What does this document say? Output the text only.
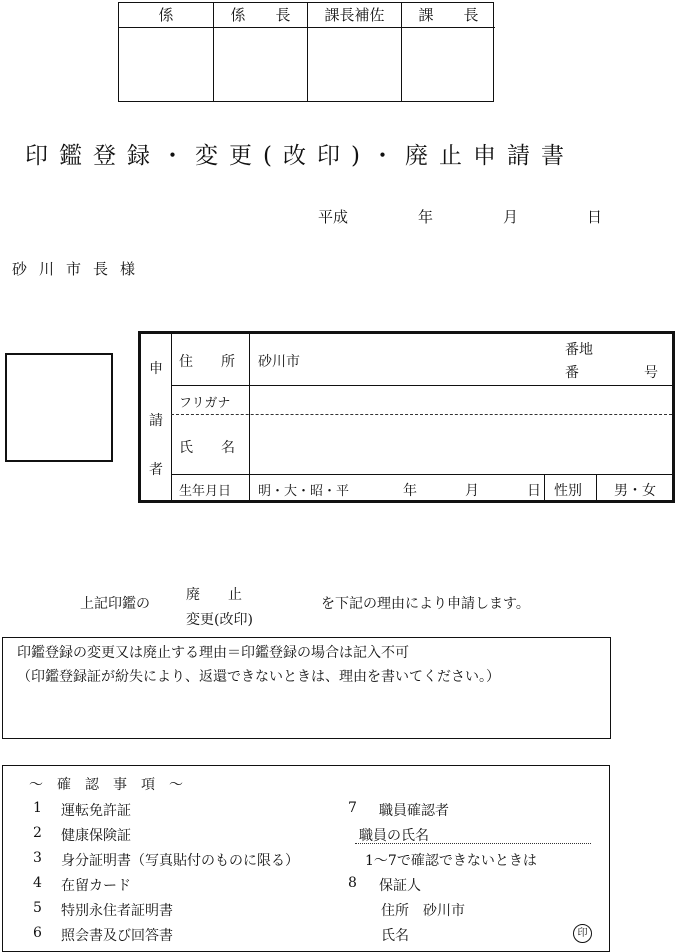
係	係　　長	課長補佐	課　　長
印鑑登録・変更(改印)・廃止申請書
平成	年	月	日
砂川市長様
申
請
者
住　　所 砂川市
番地
番	号
フリガナ
氏　　名
生年月日 明・大・昭・平	年	月	日 性別 男・女
上記印鑑の
廃　　止
変更(改印)
を下記の理由により申請します。
印鑑登録の変更又は廃止する理由＝印鑑登録の場合は記入不可
（印鑑登録証が紛失により、返還できないときは、理由を書いてください。）
～　確　認　事　項　～
1 運転免許証
2 健康保険証
3 身分証明書（写真貼付のものに限る）
4 在留カード
5 特別永住者証明書
6 照会書及び回答書
7 職員確認者
職員の氏名
1～7で確認できないときは
8 保証人
住所　砂川市
氏名	印
